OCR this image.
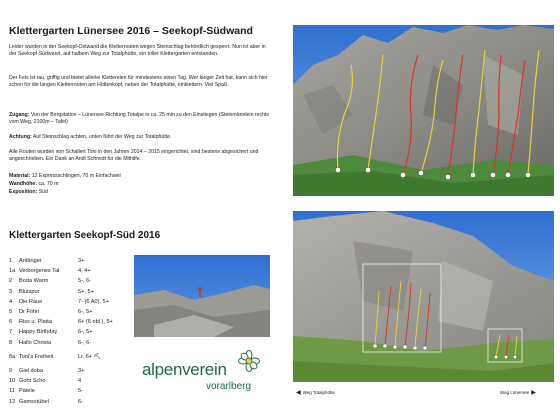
Klettergarten Lünersee 2016 – Seekopf-Südwand
Leider wurden in der Seekopf-Ostwand die Kletterrouten wegen Steinschlag behördlich gesperrt. Nun ist aber in der Seekopf-Südwand, auf halbem Weg zur Totalphütte, ein toller Klettergarten entstanden.
Der Fels ist rau, griffig und bietet allerlei Klettereien für mindestens einen Tag. Wer länger Zeit hat, kann sich hier schon für die langen Kletterrouten am Hüttenkopf, neben der Totalphütte, einklettern. Viel Spaß.
Zugang: Von der Bergstation – Lünersee Richtung Totalpe in ca. 25 min zu den Einstiegen (Steinmännlein rechts vom Weg, 2100m – Tafel)
Achtung: Auf Steinschlag achten, unten führt der Weg zur Totalphütte.
Alle Routen wurden von Schallert Toni in den Jahren 2014 – 2015 eingerichtet, sind bestens abgesichert und angeschrieben. Ein Dank an Andi Schmidt für die Mithilfe.
Material: 12 Expressschlingen, 70 m Einfachseil
Wandhöhe: ca. 70 m
Exposition: Süd
Klettergarten Seekopf-Süd 2016
1	Anfänger	3+
1a Verborgenes Tal	4, 4+
2	Boda Warm	5-, 6-
3	Blutspur	5+, 5+
4	Die Raue	7- (6 A0), 5+
5	Dr Föhn	6-, 5+
6	Riss u. Platta	6+ (6 obl.), 5+
7	Happy Birthday	6-, 5+
8	Hallo Christa	6-, 6-
8a Toni's Freiheit	Lr. 6+ ⛏
9	Giel doba	3+
10 Goht Scho	4
11 Pätele	5-
12 Gamsstübel	6-
alpenverein
vorarlberg
◀ Weg Totalphütte	Weg Lünersee ▶
